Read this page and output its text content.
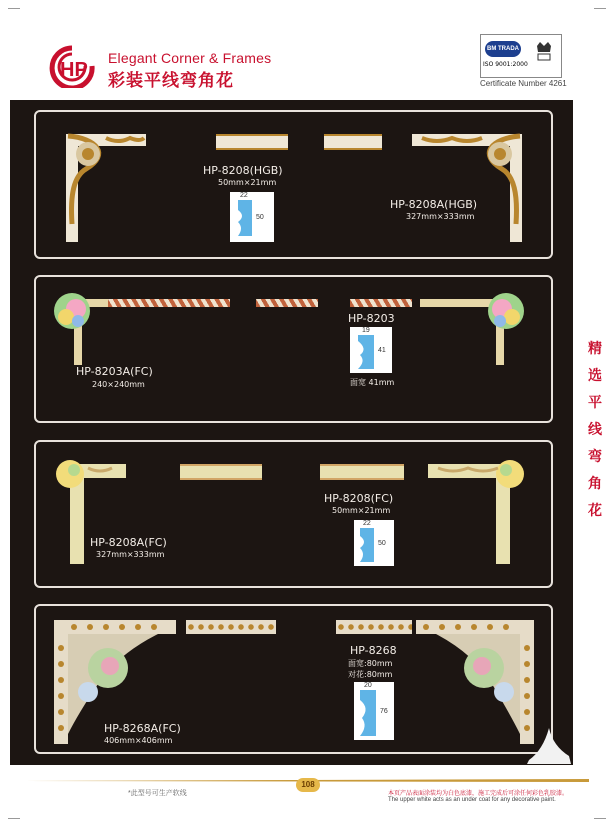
HP
Elegant Corner & Frames
彩装平线弯角花
BM TRADA
ISO 9001:2000
Certificate Number 4261
HP-8208(HGB)
50mm×21mm
22
50
HP-8208A(HGB)
327mm×333mm
HP-8203
19
41
面宽 41mm
HP-8203A(FC)
240×240mm
HP-8208(FC)
50mm×21mm
22
50
HP-8208A(FC)
327mm×333mm
HP-8268
面宽:80mm
对花:80mm
20
76
HP-8268A(FC)
406mm×406mm
精
选
平
线
弯
角
花
108
*此型号可生产软线	本页产品表面涂装均为白色底漆，施工完成后可涂任何彩色乳胶漆。
The upper white acts as an under coat for any decorative paint.
